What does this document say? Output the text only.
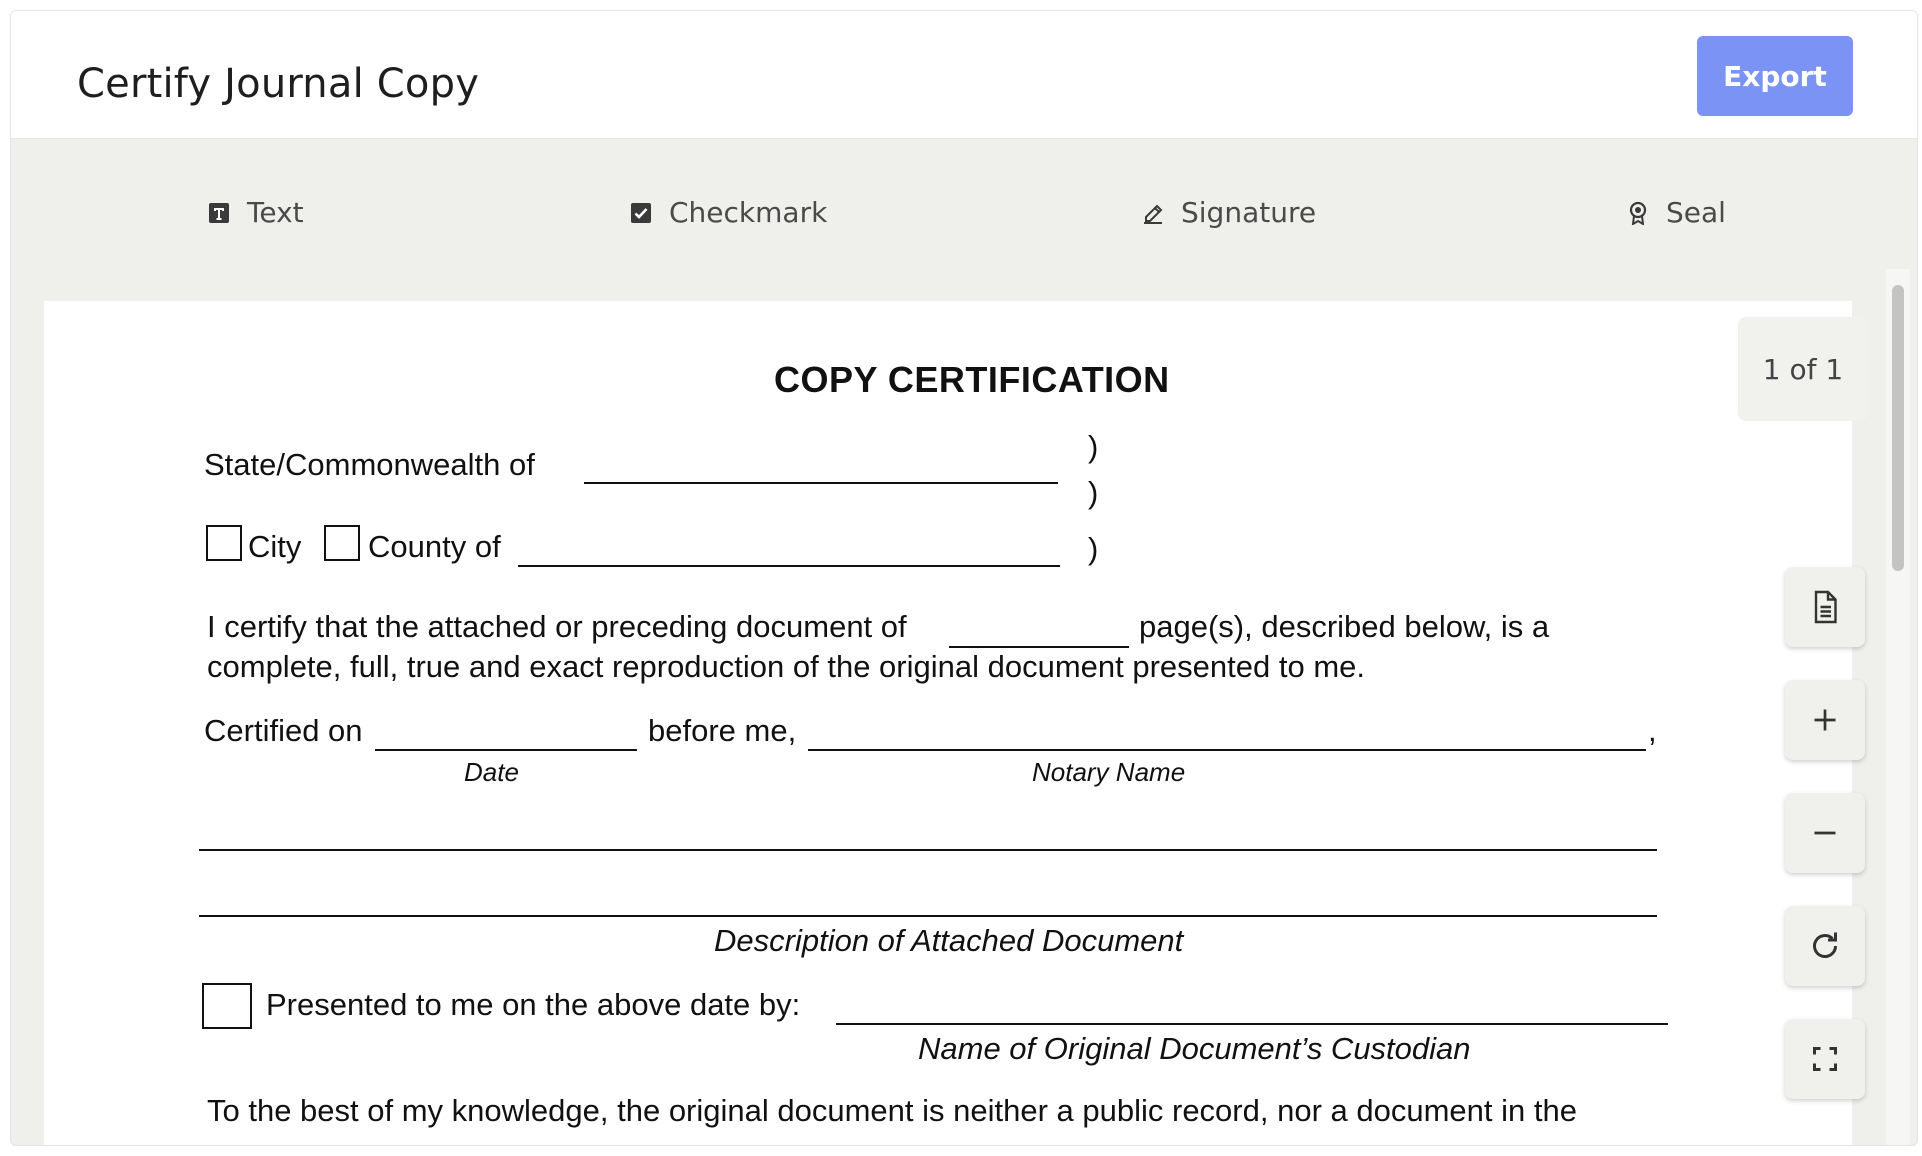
Certify Journal Copy	Export
Text	Checkmark	Signature	Seal
COPY CERTIFICATION
State/Commonwealth of
)
)
City County of	)
I certify that the attached or preceding document of	page(s), described below, is a
complete, full, true and exact reproduction of the original document presented to me.
Certified on	before me,	,
Date	Notary Name
Description of Attached Document
Presented to me on the above date by:
Name of Original Document’s Custodian
To the best of my knowledge, the original document is neither a public record, nor a document in the
1 of 1
